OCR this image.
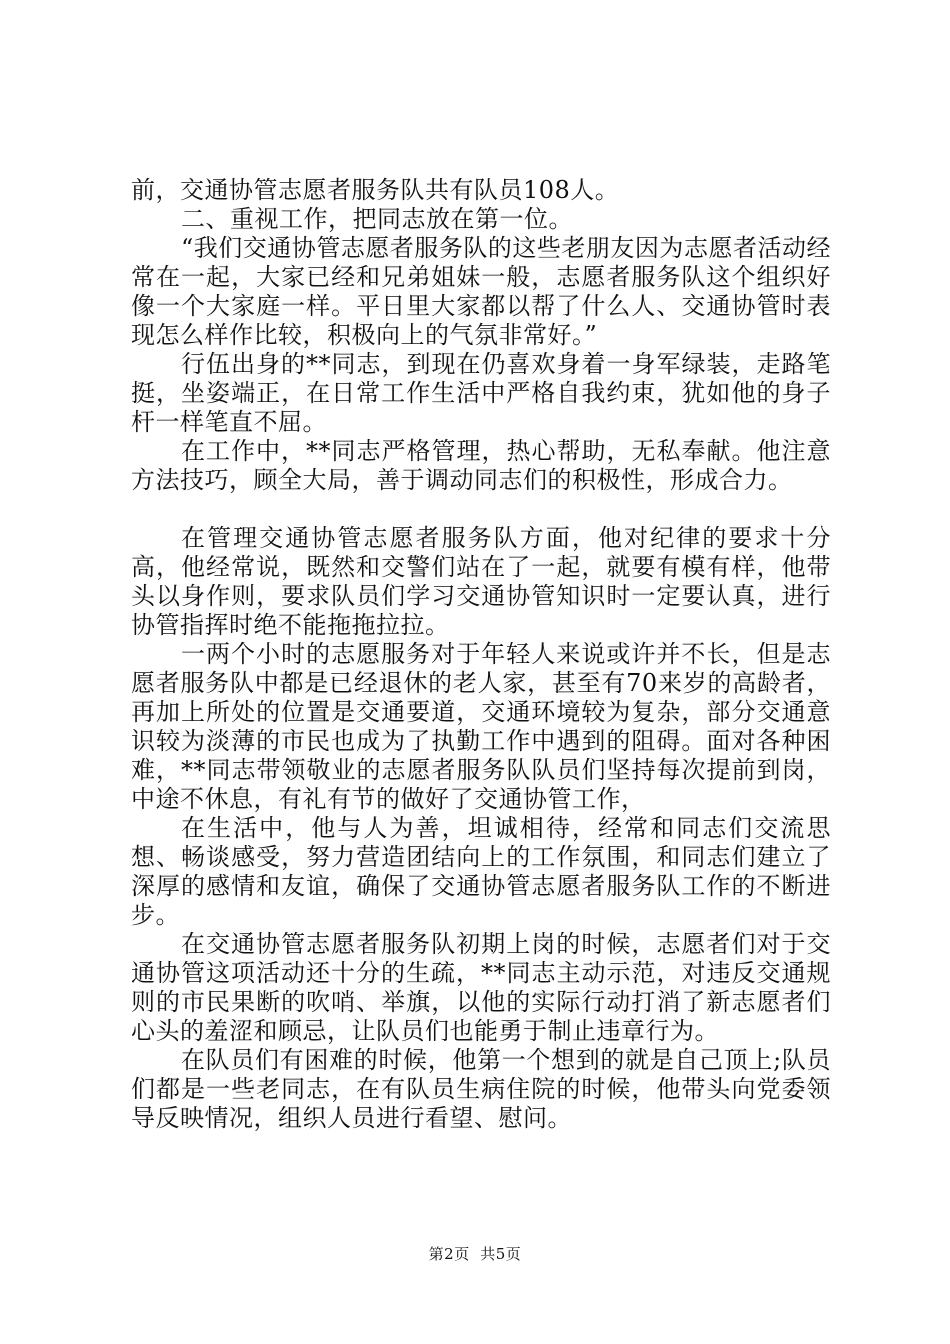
前，交通协管志愿者服务队共有队员108人。

二、重视工作，把同志放在第一位。

“我们交通协管志愿者服务队的这些老朋友因为志愿者活动经常在一起，大家已经和兄弟姐妹一般，志愿者服务队这个组织好像一个大家庭一样。平日里大家都以帮了什么人、交通协管时表现怎么样作比较，积极向上的气氛非常好。”

行伍出身的**同志，到现在仍喜欢身着一身军绿装，走路笔挺，坐姿端正，在日常工作生活中严格自我约束，犹如他的身子杆一样笔直不屈。

在工作中，**同志严格管理，热心帮助，无私奉献。他注意方法技巧，顾全大局，善于调动同志们的积极性，形成合力。

在管理交通协管志愿者服务队方面，他对纪律的要求十分高，他经常说，既然和交警们站在了一起，就要有模有样，他带头以身作则，要求队员们学习交通协管知识时一定要认真，进行协管指挥时绝不能拖拖拉拉。

一两个小时的志愿服务对于年轻人来说或许并不长，但是志愿者服务队中都是已经退休的老人家，甚至有70来岁的高龄者，再加上所处的位置是交通要道，交通环境较为复杂，部分交通意识较为淡薄的市民也成为了执勤工作中遇到的阻碍。面对各种困难，**同志带领敬业的志愿者服务队队员们坚持每次提前到岗，中途不休息，有礼有节的做好了交通协管工作，

在生活中，他与人为善，坦诚相待，经常和同志们交流思想、畅谈感受，努力营造团结向上的工作氛围，和同志们建立了深厚的感情和友谊，确保了交通协管志愿者服务队工作的不断进步。

在交通协管志愿者服务队初期上岗的时候，志愿者们对于交通协管这项活动还十分的生疏，**同志主动示范，对违反交通规则的市民果断的吹哨、举旗，以他的实际行动打消了新志愿者们心头的羞涩和顾忌，让队员们也能勇于制止违章行为。

在队员们有困难的时候，他第一个想到的就是自己顶上;队员们都是一些老同志，在有队员生病住院的时候，他带头向党委领导反映情况，组织人员进行看望、慰问。

第2页 共5页
